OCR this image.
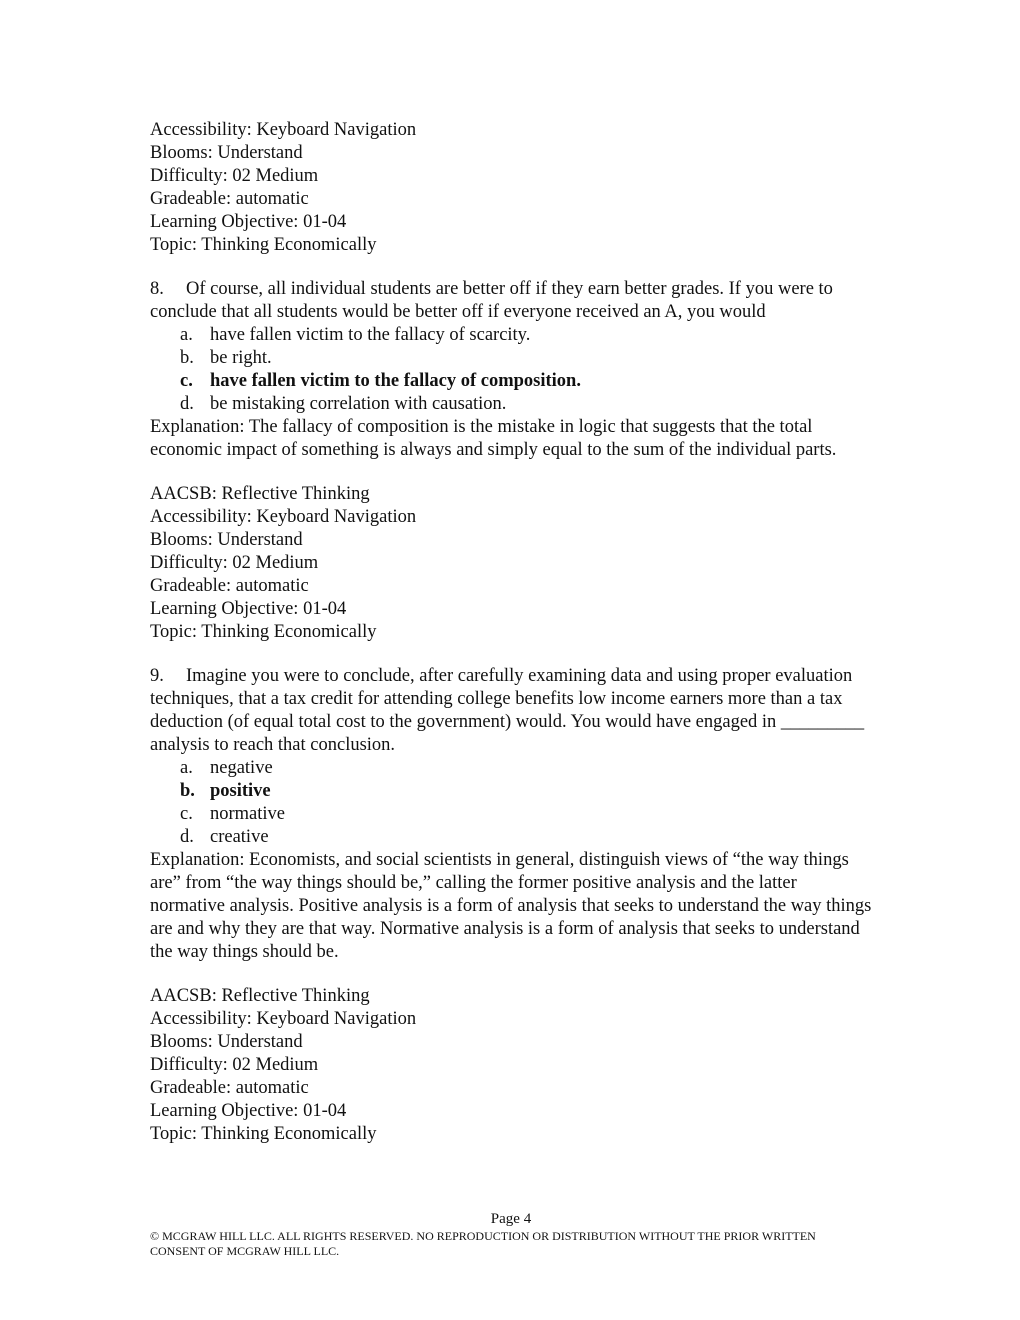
Accessibility: Keyboard Navigation
Blooms: Understand
Difficulty: 02 Medium
Gradeable: automatic
Learning Objective: 01-04
Topic: Thinking Economically
8. Of course, all individual students are better off if they earn better grades. If you were to conclude that all students would be better off if everyone received an A, you would
a. have fallen victim to the fallacy of scarcity.
b. be right.
c. have fallen victim to the fallacy of composition.
d. be mistaking correlation with causation.
Explanation: The fallacy of composition is the mistake in logic that suggests that the total economic impact of something is always and simply equal to the sum of the individual parts.
AACSB: Reflective Thinking
Accessibility: Keyboard Navigation
Blooms: Understand
Difficulty: 02 Medium
Gradeable: automatic
Learning Objective: 01-04
Topic: Thinking Economically
9. Imagine you were to conclude, after carefully examining data and using proper evaluation techniques, that a tax credit for attending college benefits low income earners more than a tax deduction (of equal total cost to the government) would. You would have engaged in _________ analysis to reach that conclusion.
a. negative
b. positive
c. normative
d. creative
Explanation: Economists, and social scientists in general, distinguish views of “the way things are” from “the way things should be,” calling the former positive analysis and the latter normative analysis. Positive analysis is a form of analysis that seeks to understand the way things are and why they are that way. Normative analysis is a form of analysis that seeks to understand the way things should be.
AACSB: Reflective Thinking
Accessibility: Keyboard Navigation
Blooms: Understand
Difficulty: 02 Medium
Gradeable: automatic
Learning Objective: 01-04
Topic: Thinking Economically
Page 4
© MCGRAW HILL LLC. ALL RIGHTS RESERVED. NO REPRODUCTION OR DISTRIBUTION WITHOUT THE PRIOR WRITTEN CONSENT OF MCGRAW HILL LLC.
